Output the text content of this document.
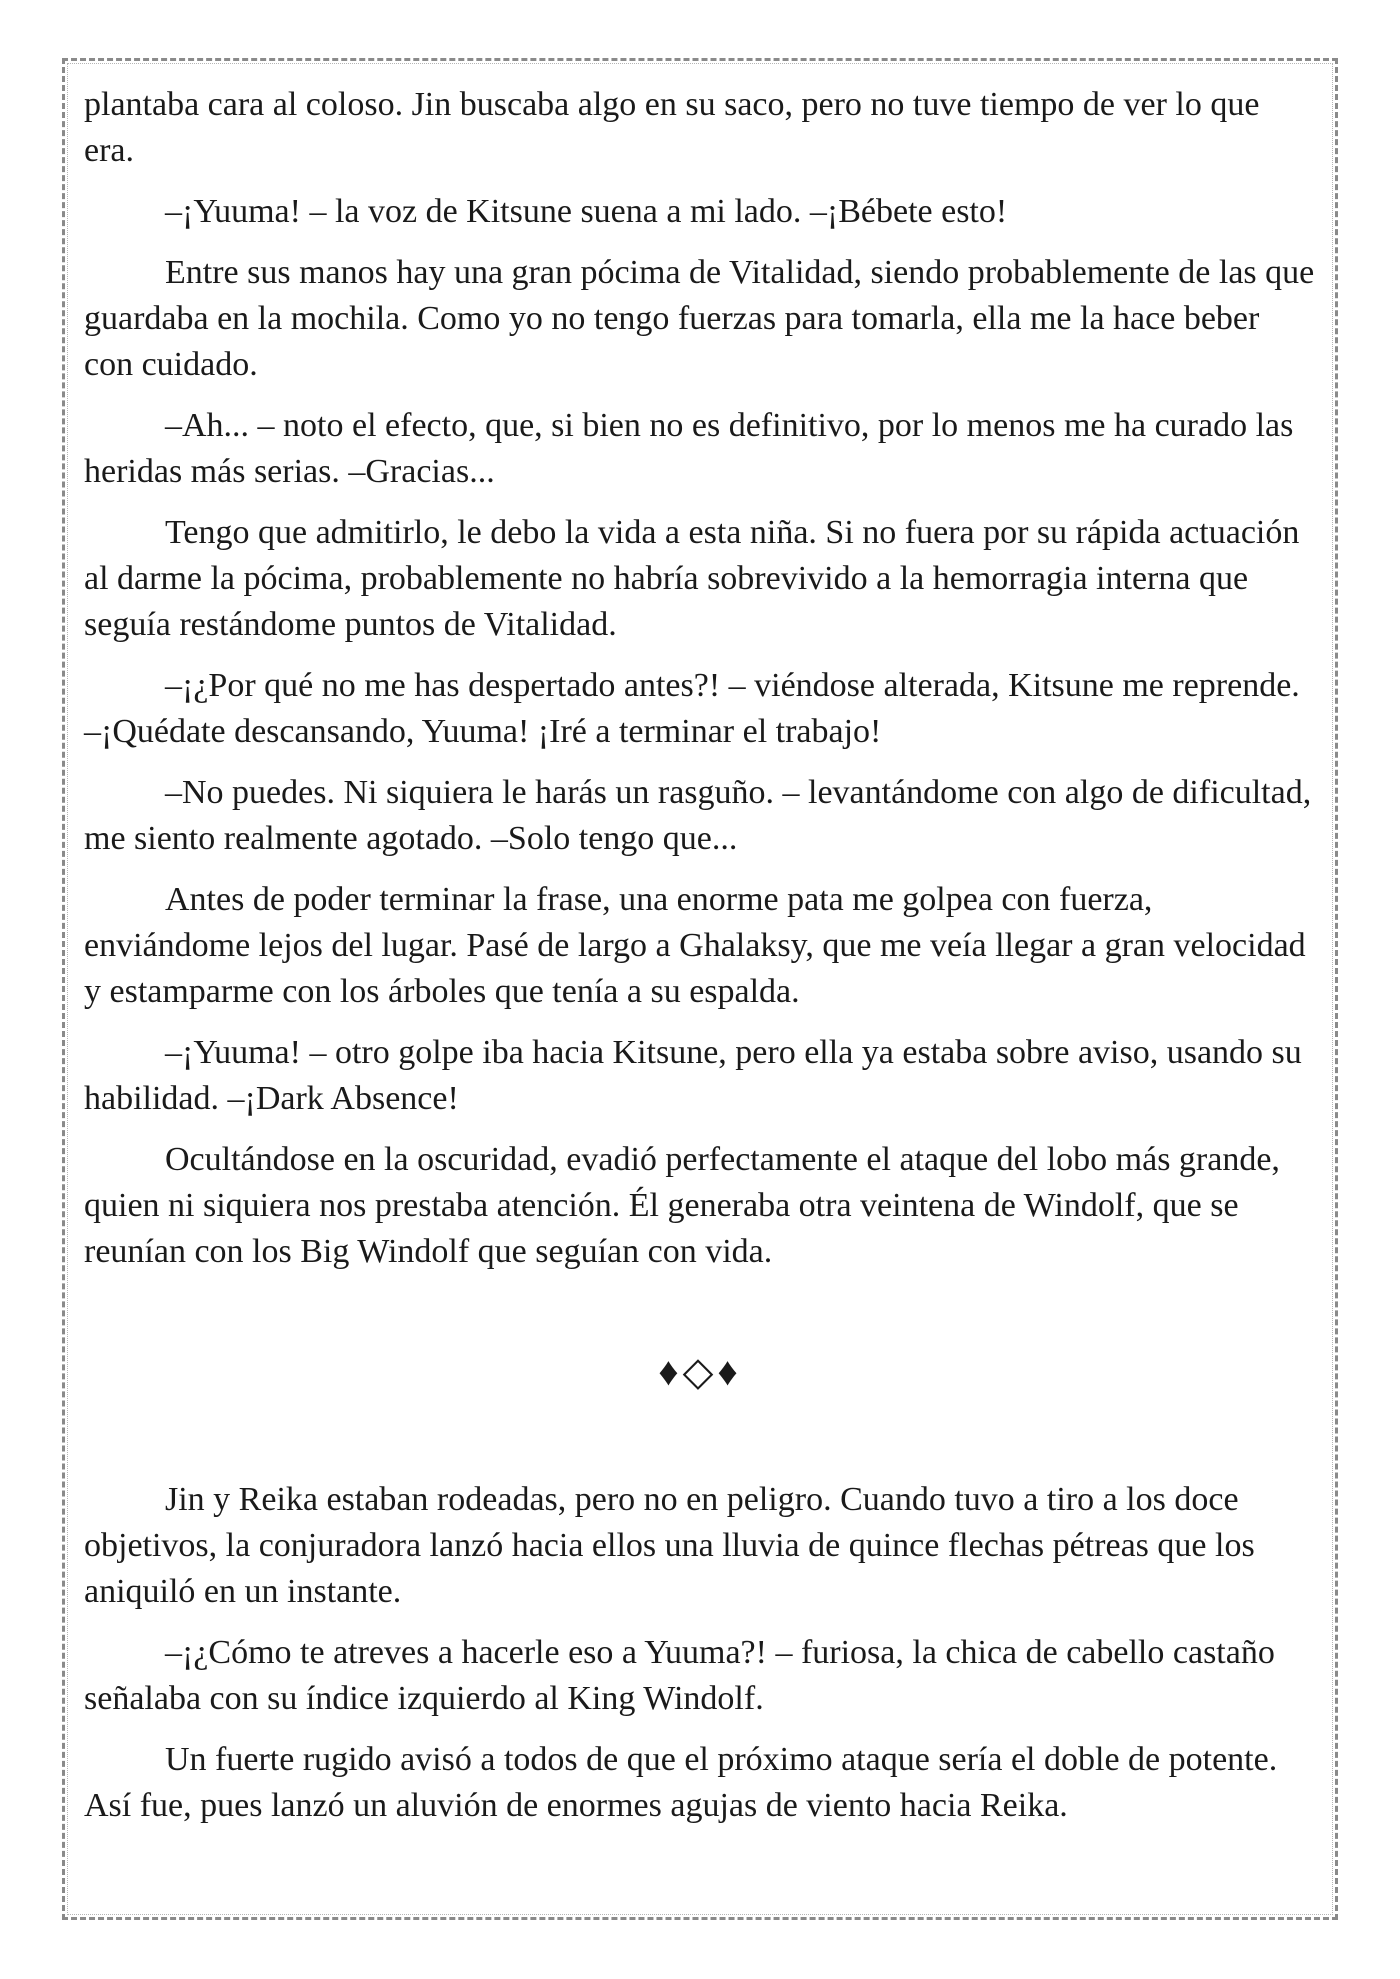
plantaba cara al coloso. Jin buscaba algo en su saco, pero no tuve tiempo de ver lo que era.

–¡Yuuma! – la voz de Kitsune suena a mi lado. –¡Bébete esto!

Entre sus manos hay una gran pócima de Vitalidad, siendo probablemente de las que guardaba en la mochila. Como yo no tengo fuerzas para tomarla, ella me la hace beber con cuidado.

–Ah... – noto el efecto, que, si bien no es definitivo, por lo menos me ha curado las heridas más serias. –Gracias...

Tengo que admitirlo, le debo la vida a esta niña. Si no fuera por su rápida actuación al darme la pócima, probablemente no habría sobrevivido a la hemorragia interna que seguía restándome puntos de Vitalidad.

–¡¿Por qué no me has despertado antes?! – viéndose alterada, Kitsune me reprende. –¡Quédate descansando, Yuuma! ¡Iré a terminar el trabajo!

–No puedes. Ni siquiera le harás un rasguño. – levantándome con algo de dificultad, me siento realmente agotado. –Solo tengo que...

Antes de poder terminar la frase, una enorme pata me golpea con fuerza, enviándome lejos del lugar. Pasé de largo a Ghalaksy, que me veía llegar a gran velocidad y estamparme con los árboles que tenía a su espalda.

–¡Yuuma! – otro golpe iba hacia Kitsune, pero ella ya estaba sobre aviso, usando su habilidad. –¡Dark Absence!

Ocultándose en la oscuridad, evadió perfectamente el ataque del lobo más grande, quien ni siquiera nos prestaba atención. Él generaba otra veintena de Windolf, que se reunían con los Big Windolf que seguían con vida.

♦◇♦

Jin y Reika estaban rodeadas, pero no en peligro. Cuando tuvo a tiro a los doce objetivos, la conjuradora lanzó hacia ellos una lluvia de quince flechas pétreas que los aniquiló en un instante.

–¡¿Cómo te atreves a hacerle eso a Yuuma?! – furiosa, la chica de cabello castaño señalaba con su índice izquierdo al King Windolf.

Un fuerte rugido avisó a todos de que el próximo ataque sería el doble de potente. Así fue, pues lanzó un aluvión de enormes agujas de viento hacia Reika.
